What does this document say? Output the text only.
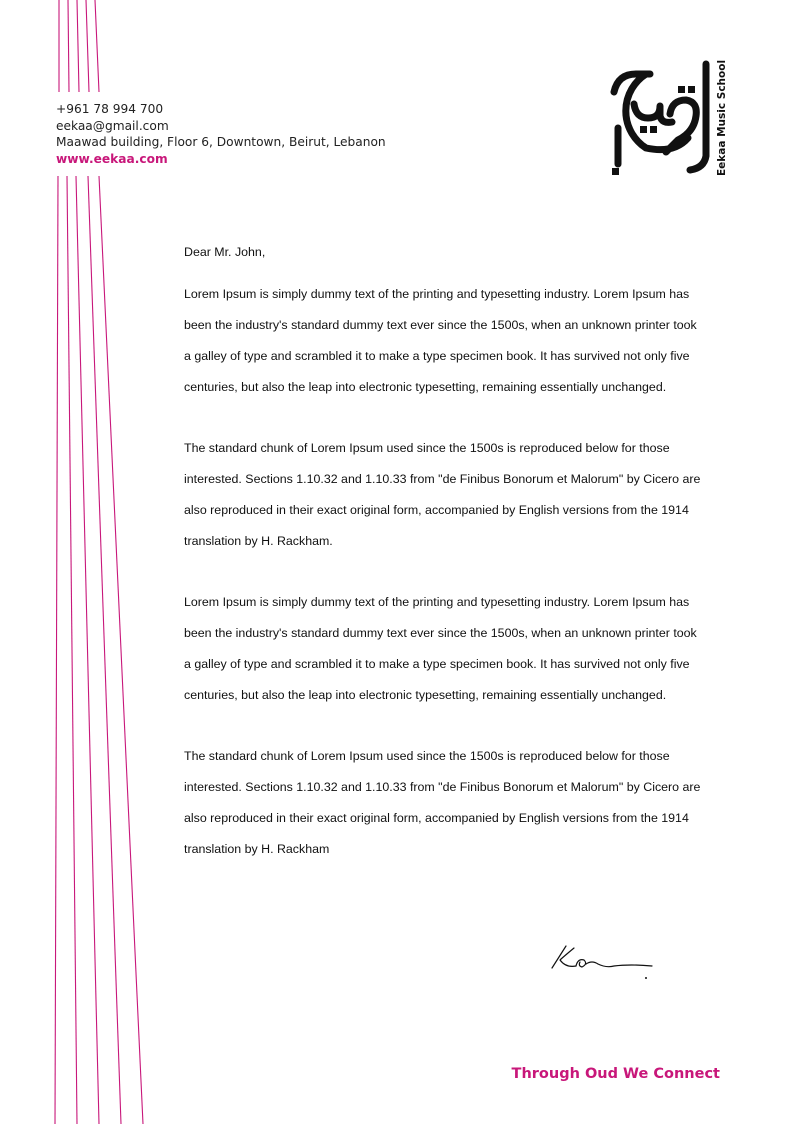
+961 78 994 700
eekaa@gmail.com
Maawad building, Floor 6, Downtown, Beirut, Lebanon
www.eekaa.com	Eekaa Music School
Dear Mr. John,
Lorem Ipsum is simply dummy text of the printing and typesetting industry. Lorem Ipsum has
been the industry's standard dummy text ever since the 1500s, when an unknown printer took
a galley of type and scrambled it to make a type specimen book. It has survived not only five
centuries, but also the leap into electronic typesetting, remaining essentially unchanged.
The standard chunk of Lorem Ipsum used since the 1500s is reproduced below for those
interested. Sections 1.10.32 and 1.10.33 from "de Finibus Bonorum et Malorum" by Cicero are
also reproduced in their exact original form, accompanied by English versions from the 1914
translation by H. Rackham.
Lorem Ipsum is simply dummy text of the printing and typesetting industry. Lorem Ipsum has
been the industry's standard dummy text ever since the 1500s, when an unknown printer took
a galley of type and scrambled it to make a type specimen book. It has survived not only five
centuries, but also the leap into electronic typesetting, remaining essentially unchanged.
The standard chunk of Lorem Ipsum used since the 1500s is reproduced below for those
interested. Sections 1.10.32 and 1.10.33 from "de Finibus Bonorum et Malorum" by Cicero are
also reproduced in their exact original form, accompanied by English versions from the 1914
translation by H. Rackham
Through Oud We Connect
